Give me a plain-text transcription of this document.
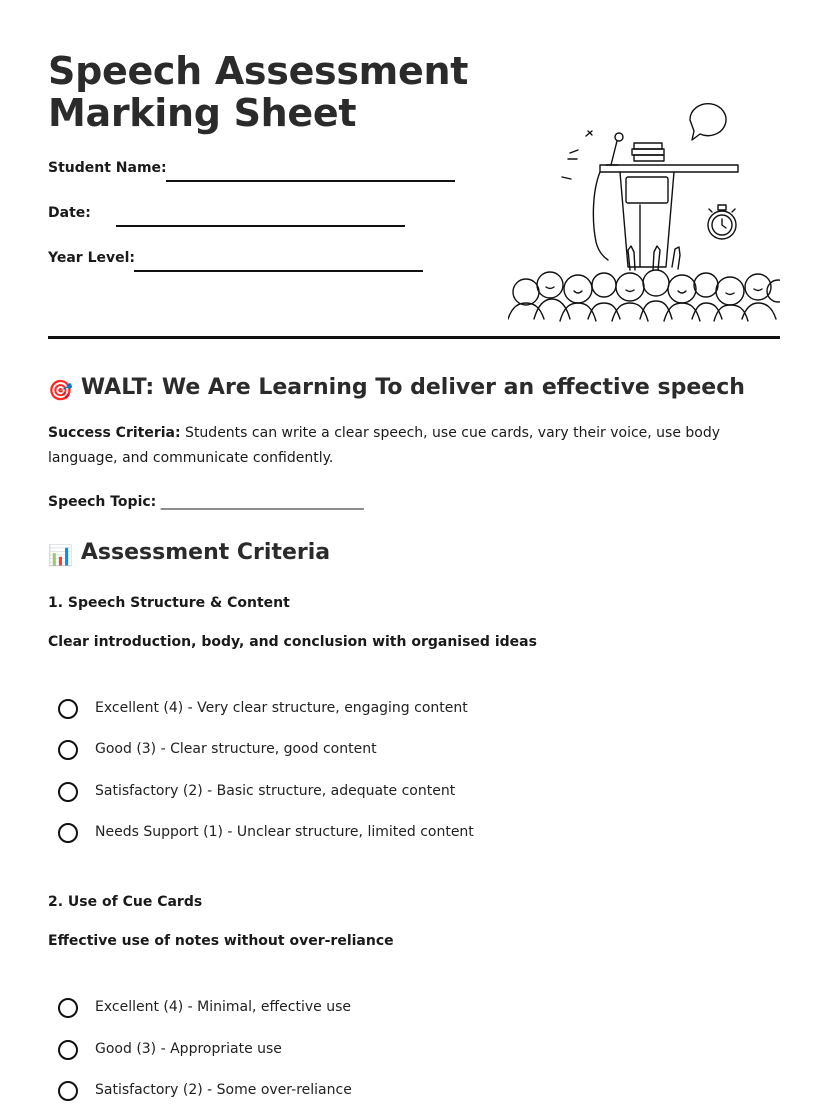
Speech Assessment
Marking Sheet
Student Name:
Date:
Year Level:
🎯 WALT: We Are Learning To deliver an effective speech
Success Criteria: Students can write a clear speech, use cue cards, vary their voice, use body language, and communicate confidently.
Speech Topic: _____________________________
📊 Assessment Criteria
1. Speech Structure & Content
Clear introduction, body, and conclusion with organised ideas
Excellent (4) - Very clear structure, engaging content
Good (3) - Clear structure, good content
Satisfactory (2) - Basic structure, adequate content
Needs Support (1) - Unclear structure, limited content
2. Use of Cue Cards
Effective use of notes without over-reliance
Excellent (4) - Minimal, effective use
Good (3) - Appropriate use
Satisfactory (2) - Some over-reliance
